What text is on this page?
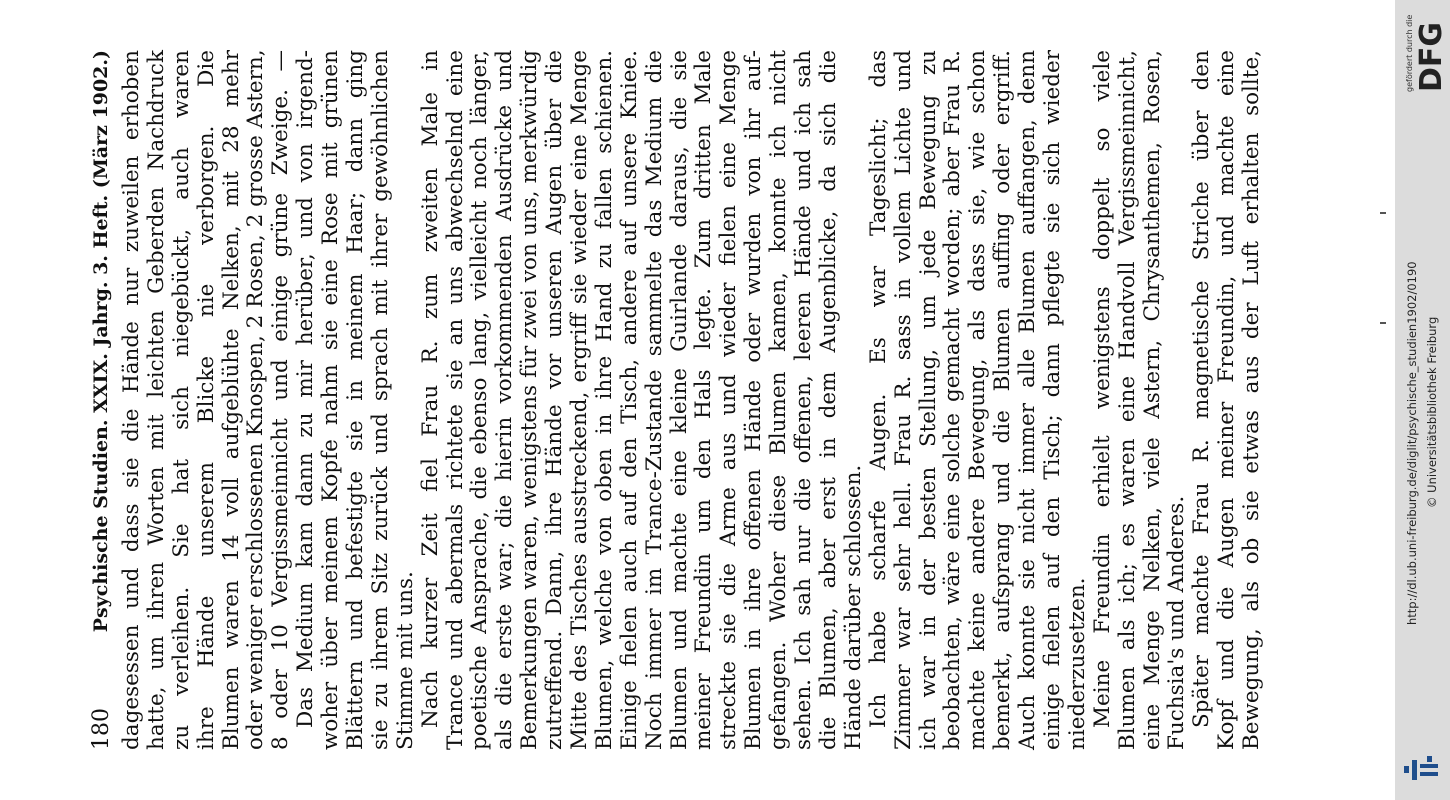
180
Psychische Studien. XXIX. Jahrg. 3. Heft. (März 1902.) dagesessen und dass sie die Hände nur zuweilen erhoben hatte, um ihren Worten mit leichten Geberden Nachdruck zu verleihen. Sie hat sich niegebückt, auch waren ihre Hände unserem Blicke nie verborgen. Die Blumen waren 14 voll aufgeblühte Nelken, mit 28 mehr oder weniger erschlossenen Knospen, 2 Rosen, 2 grosse Astern, 8 oder 10 Vergissmeinnicht und einige grüne Zweige. — Das Medium kam dann zu mir herüber, und von irgend- woher über meinem Kopfe nahm sie eine Rose mit grünen Blättern und befestigte sie in meinem Haar; dann ging sie zu ihrem Sitz zurück und sprach mit ihrer gewöhnlichen Stimme mit uns. Nach kurzer Zeit fiel Frau R. zum zweiten Male in Trance und abermals richtete sie an uns abwechselnd eine poetische Ansprache, die ebenso lang, vielleicht noch länger, als die erste war; die hierin vorkommenden Ausdrücke und Bemerkungen waren, wenigstens für zwei von uns, merkwürdig zutreffend. Dann, ihre Hände vor unseren Augen über die Mitte des Tisches ausstreckend, ergriff sie wieder eine Menge Blumen, welche von oben in ihre Hand zu fallen schienen. Einige fielen auch auf den Tisch, andere auf unsere Kniee. Noch immer im Trance-Zustande sammelte das Medium die Blumen und machte eine kleine Guirlande daraus, die sie meiner Freundin um den Hals legte. Zum dritten Male streckte sie die Arme aus und wieder fielen eine Menge Blumen in ihre offenen Hände oder wurden von ihr auf- gefangen. Woher diese Blumen kamen, konnte ich nicht sehen. Ich sah nur die offenen, leeren Hände und ich sah die Blumen, aber erst in dem Augenblicke, da sich die Hände darüber schlossen. Ich habe scharfe Augen. Es war Tageslicht; das Zimmer war sehr hell. Frau R. sass in vollem Lichte und ich war in der besten Stellung, um jede Bewegung zu beobachten, wäre eine solche gemacht worden; aber Frau R. machte keine andere Bewegung, als dass sie, wie schon bemerkt, aufsprang und die Blumen auffing oder ergriff. Auch konnte sie nicht immer alle Blumen auffangen, denn einige fielen auf den Tisch; dann pflegte sie sich wieder niederzusetzen. Meine Freundin erhielt wenigstens doppelt so viele Blumen als ich; es waren eine Handvoll Vergissmeinnicht, eine Menge Nelken, viele Astern, Chrysanthemen, Rosen, Fuchsia's und Anderes. Später machte Frau R. magnetische Striche über den Kopf und die Augen meiner Freundin, und machte eine Bewegung, als ob sie etwas aus der Luft erhalten sollte,	DFG
gefördert durch die
http://dl.ub.uni-freiburg.de/diglit/psychische_studien1902/0190 © Universitätsbibliothek Freiburg
